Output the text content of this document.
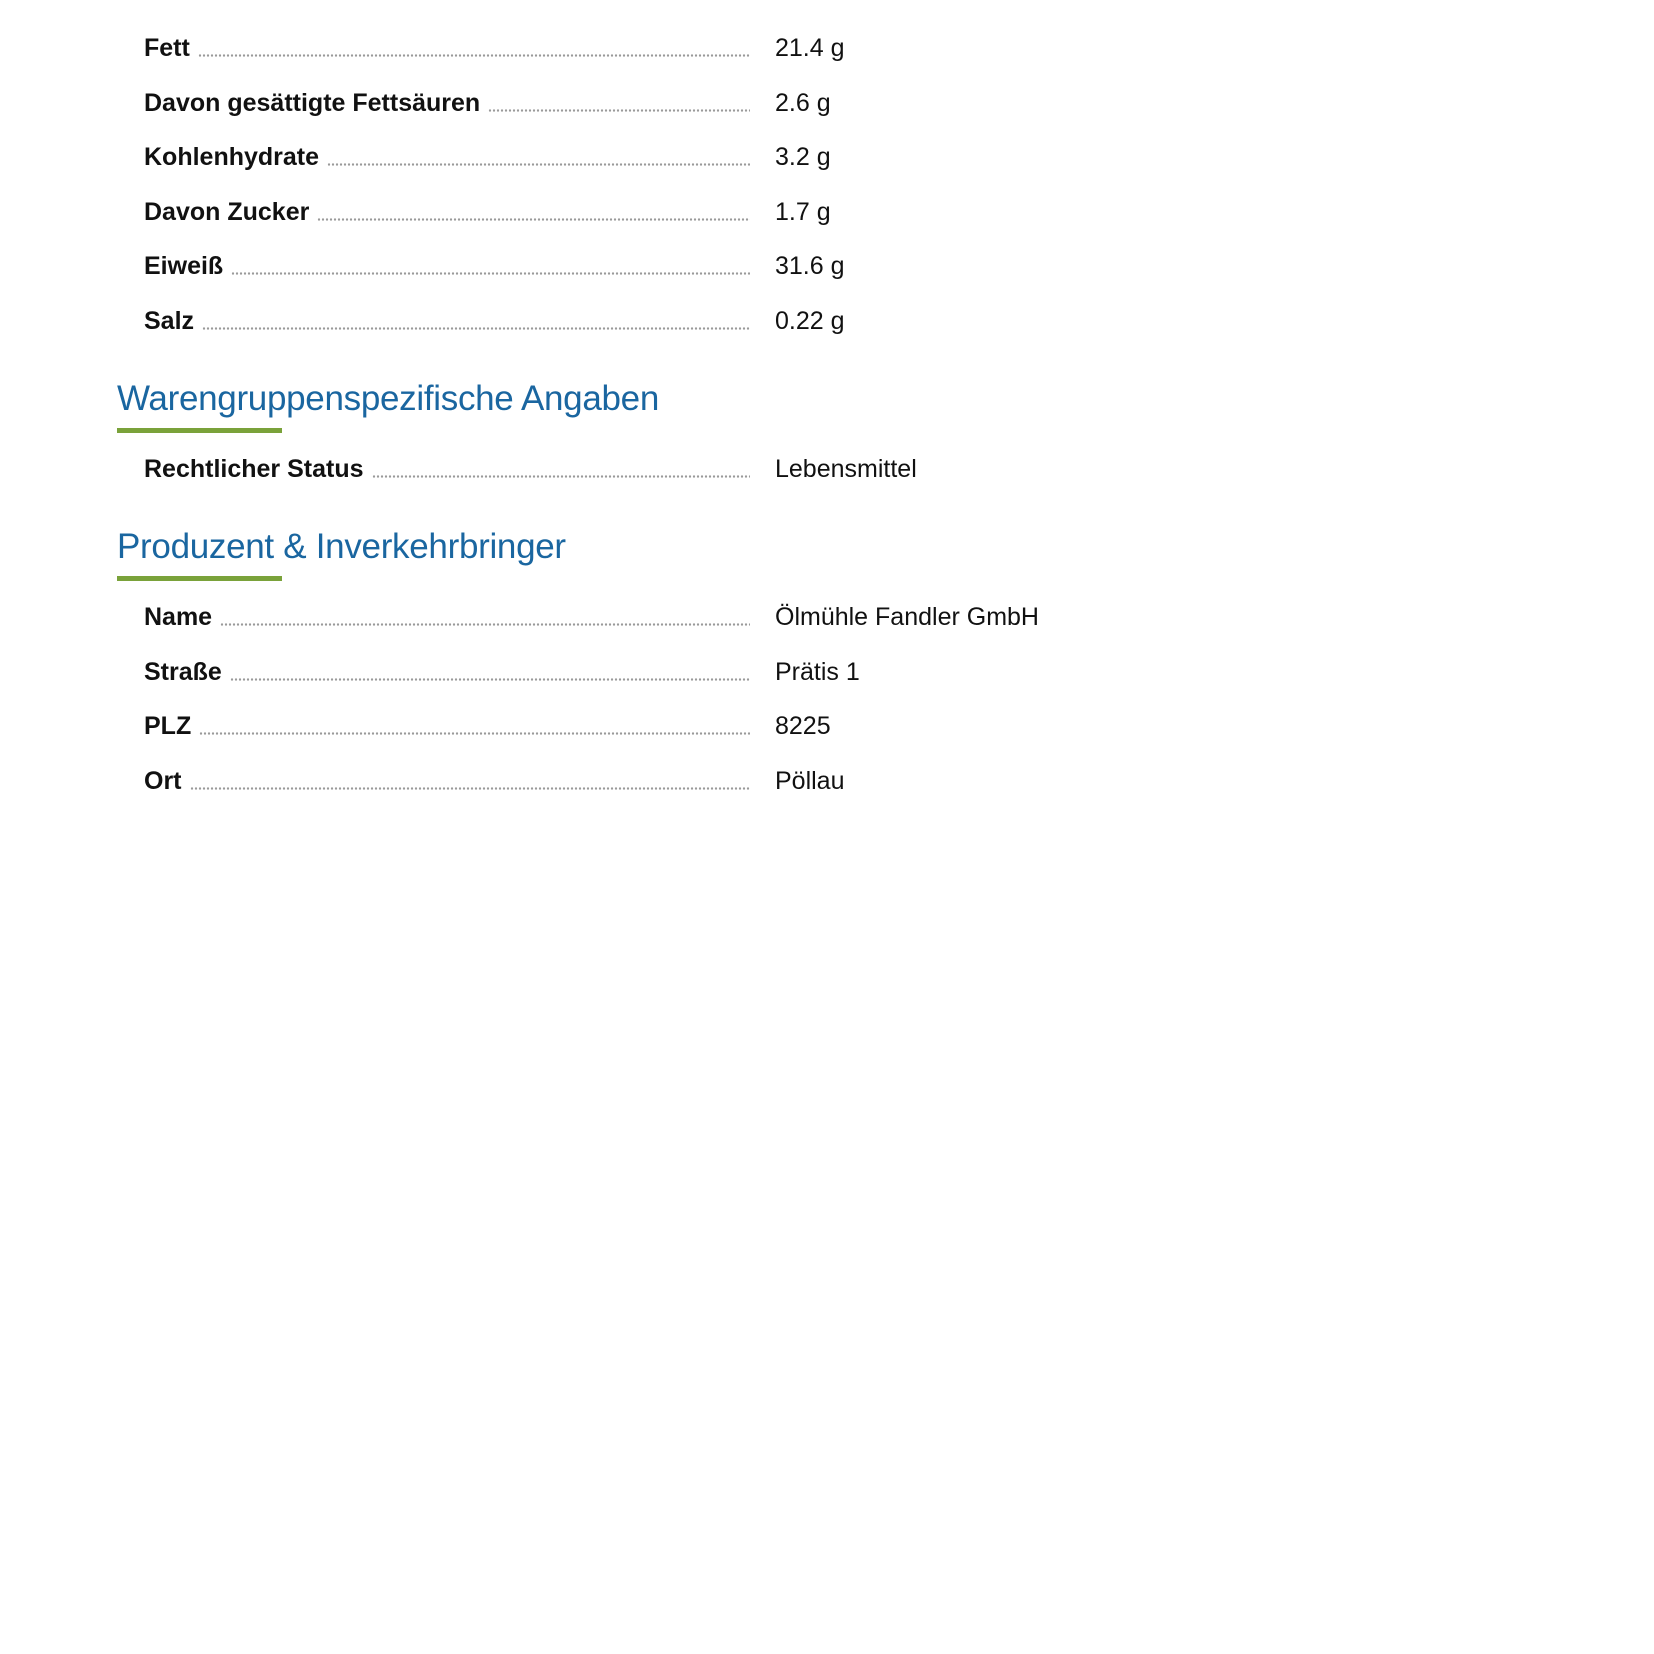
Fett	21.4 g
Davon gesättigte Fettsäuren	2.6 g
Kohlenhydrate	3.2 g
Davon Zucker	1.7 g
Eiweiß	31.6 g
Salz	0.22 g
Warengruppenspezifische Angaben
Rechtlicher Status	Lebensmittel
Produzent & Inverkehrbringer
Name	Ölmühle Fandler GmbH
Straße	Prätis 1
PLZ	8225
Ort	Pöllau
